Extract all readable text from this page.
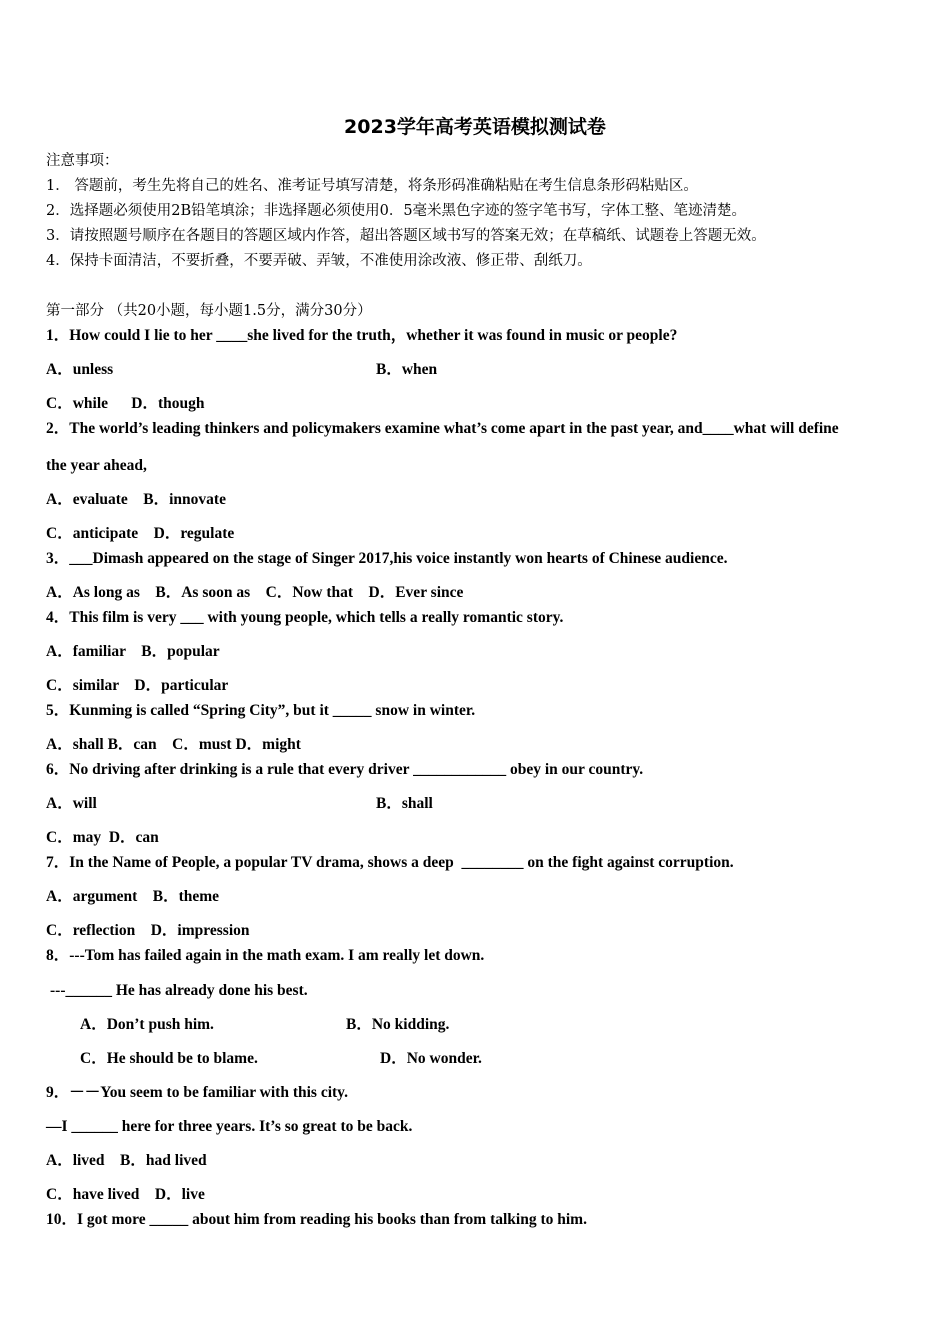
2023学年高考英语模拟测试卷
注意事项：
1． 答题前，考生先将自己的姓名、准考证号填写清楚，将条形码准确粘贴在考生信息条形码粘贴区。
2．选择题必须使用2B铅笔填涂；非选择题必须使用0．5毫米黑色字迹的签字笔书写，字体工整、笔迹清楚。
3．请按照题号顺序在各题目的答题区域内作答，超出答题区域书写的答案无效；在草稿纸、试题卷上答题无效。
4．保持卡面清洁，不要折叠，不要弄破、弄皱，不准使用涂改液、修正带、刮纸刀。
第一部分 （共20小题，每小题1.5分，满分30分）
1．How could I lie to her ____she lived for the truth，whether it was found in music or people?
A．unless	B．when
C．while      D．though
2．The world’s leading thinkers and policymakers examine what’s come apart in the past year, and____what will define
the year ahead,
A．evaluate    B．innovate
C．anticipate    D．regulate
3．___Dimash appeared on the stage of Singer 2017,his voice instantly won hearts of Chinese audience.
A．As long as    B．As soon as    C．Now that    D．Ever since
4．This film is very ___ with young people, which tells a really romantic story.
A．familiar    B．popular
C．similar    D．particular
5．Kunming is called “Spring City”, but it _____ snow in winter.
A．shall B．can    C．must D．might
6．No driving after drinking is a rule that every driver ____________ obey in our country.
A．will	B．shall
C．may  D．can
7．In the Name of People, a popular TV drama, shows a deep  ________ on the fight against corruption.
A．argument    B．theme
C．reflection    D．impression
8．---Tom has failed again in the math exam. I am really let down.
---______ He has already done his best.
A．Don’t push him.	B．No kidding.
C．He should be to blame.	D．No wonder.
9．－－You seem to be familiar with this city.
—I ______ here for three years. It’s so great to be back.
A．lived    B．had lived
C．have lived    D．live
10．I got more _____ about him from reading his books than from talking to him.
